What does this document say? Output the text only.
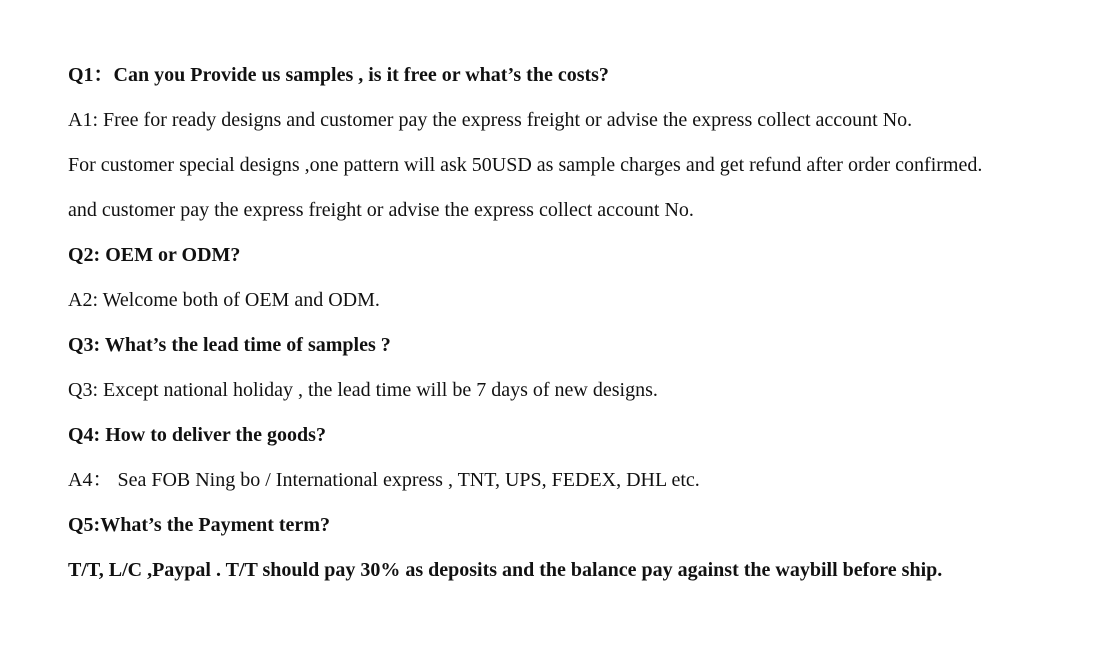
Q1：Can you Provide us samples , is it free or what’s the costs?
A1: Free for ready designs and customer pay the express freight or advise the express collect account No.
For customer special designs ,one pattern will ask 50USD as sample charges and get refund after order confirmed.
and customer pay the express freight or advise the express collect account No.
Q2: OEM or ODM?
A2: Welcome both of OEM and ODM.
Q3: What’s the lead time of samples ?
Q3: Except national holiday , the lead time will be 7 days of new designs.
Q4: How to deliver the goods?
A4： Sea FOB Ning bo / International express , TNT, UPS, FEDEX, DHL etc.
Q5:What’s the Payment term?
T/T, L/C ,Paypal . T/T should pay 30% as deposits and the balance pay against the waybill before ship.
